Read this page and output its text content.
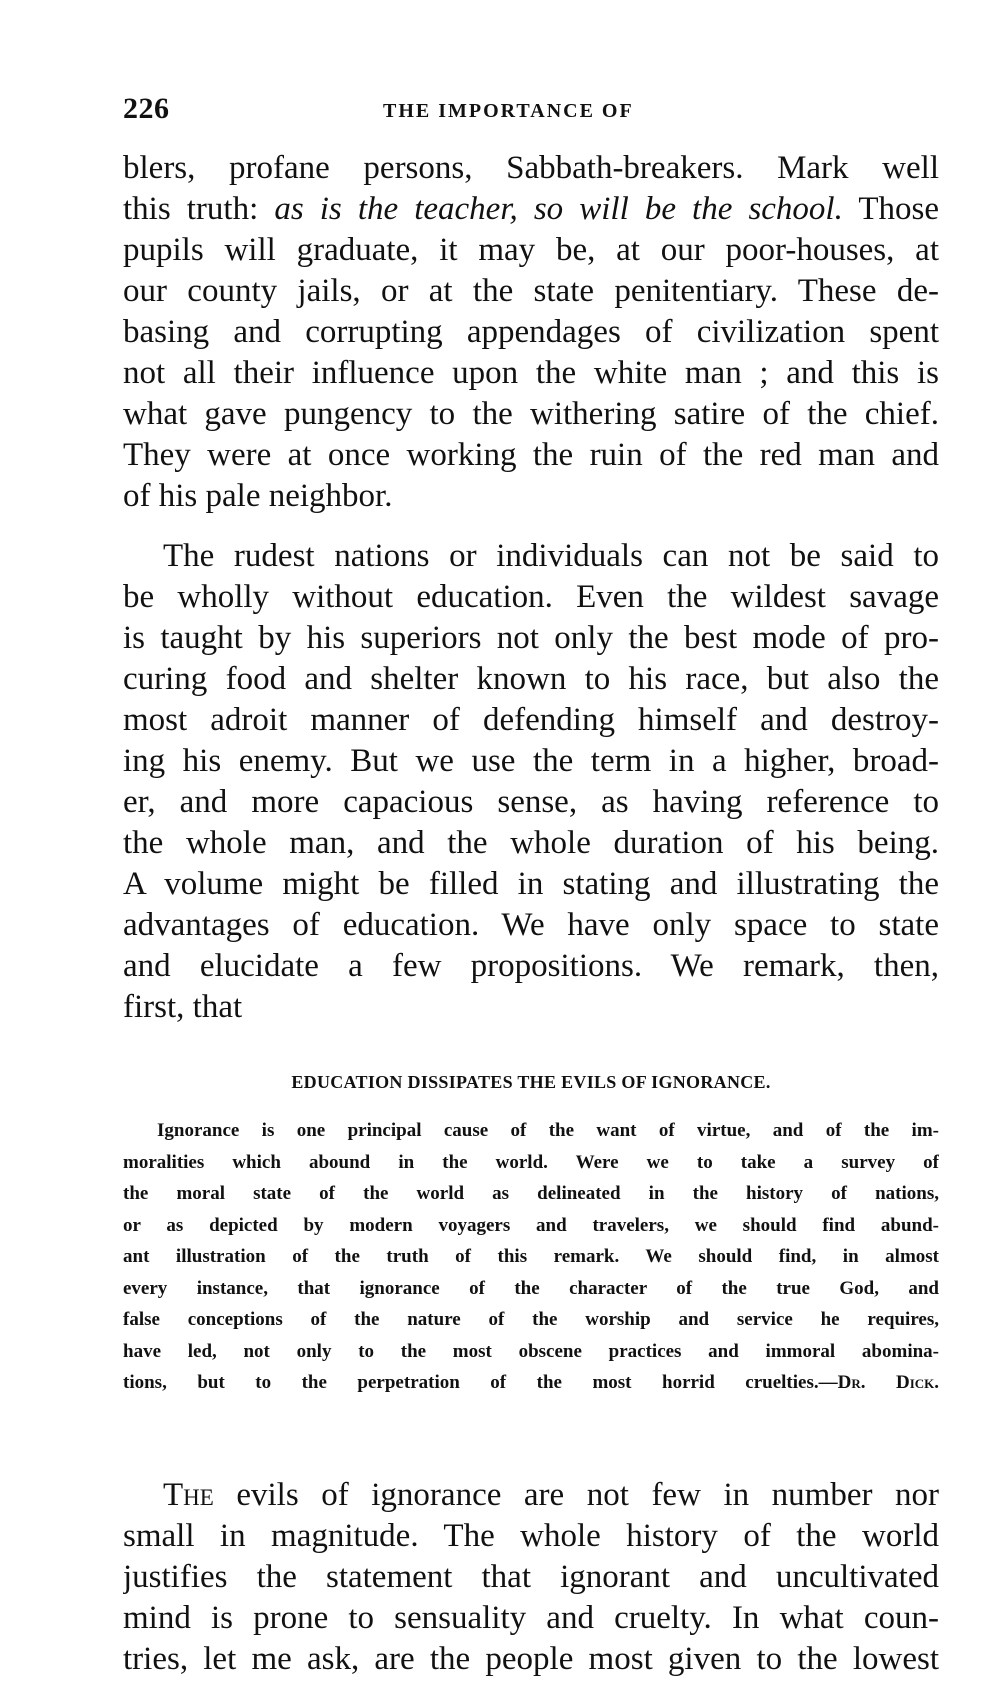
226	THE IMPORTANCE OF
blers, profane persons, Sabbath-breakers. Mark well
this truth: as is the teacher, so will be the school. Those
pupils will graduate, it may be, at our poor-houses, at
our county jails, or at the state penitentiary. These de-
basing and corrupting appendages of civilization spent
not all their influence upon the white man ; and this is
what gave pungency to the withering satire of the chief.
They were at once working the ruin of the red man and
of his pale neighbor.
The rudest nations or individuals can not be said to
be wholly without education. Even the wildest savage
is taught by his superiors not only the best mode of pro-
curing food and shelter known to his race, but also the
most adroit manner of defending himself and destroy-
ing his enemy. But we use the term in a higher, broad-
er, and more capacious sense, as having reference to
the whole man, and the whole duration of his being.
A volume might be filled in stating and illustrating the
advantages of education. We have only space to state
and elucidate a few propositions. We remark, then,
first, that
EDUCATION DISSIPATES THE EVILS OF IGNORANCE.
Ignorance is one principal cause of the want of virtue, and of the im-
moralities which abound in the world. Were we to take a survey of
the moral state of the world as delineated in the history of nations,
or as depicted by modern voyagers and travelers, we should find abund-
ant illustration of the truth of this remark. We should find, in almost
every instance, that ignorance of the character of the true God, and
false conceptions of the nature of the worship and service he requires,
have led, not only to the most obscene practices and immoral abomina-
tions, but to the perpetration of the most horrid cruelties.—Dr. Dick.
The evils of ignorance are not few in number nor
small in magnitude. The whole history of the world
justifies the statement that ignorant and uncultivated
mind is prone to sensuality and cruelty. In what coun-
tries, let me ask, are the people most given to the lowest
